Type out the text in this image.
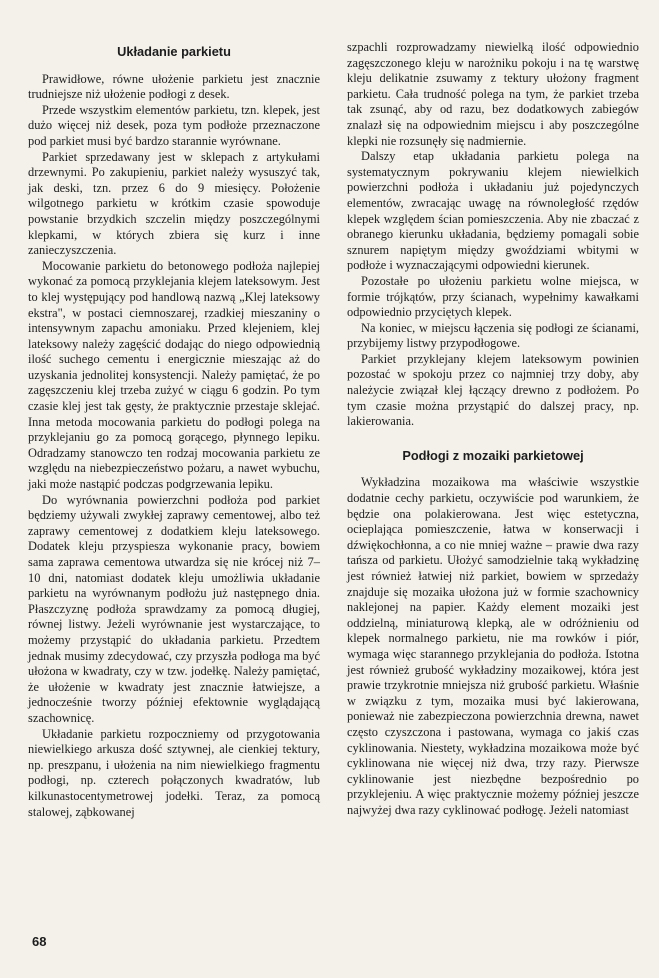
Układanie parkietu

Prawidłowe, równe ułożenie parkietu jest znacznie trudniejsze niż ułożenie podłogi z desek.

Przede wszystkim elementów parkietu, tzn. klepek, jest dużo więcej niż desek, poza tym podłoże przeznaczone pod parkiet musi być bardzo starannie wyrównane.

Parkiet sprzedawany jest w sklepach z artykułami drzewnymi. Po zakupieniu, parkiet należy wysuszyć tak, jak deski, tzn. przez 6 do 9 miesięcy. Położenie wilgotnego parkietu w krótkim czasie spowoduje powstanie brzydkich szczelin między poszczególnymi klepkami, w których zbiera się kurz i inne zanieczyszczenia.

Mocowanie parkietu do betonowego podłoża najlepiej wykonać za pomocą przyklejania klejem lateksowym. Jest to klej występujący pod handlową nazwą „Klej lateksowy ekstra", w postaci ciemnoszarej, rzadkiej mieszaniny o intensywnym zapachu amoniaku. Przed klejeniem, klej lateksowy należy zagęścić dodając do niego odpowiednią ilość suchego cementu i energicznie mieszając aż do uzyskania jednolitej konsystencji. Należy pamiętać, że po zagęszczeniu klej trzeba zużyć w ciągu 6 godzin. Po tym czasie klej jest tak gęsty, że praktycznie przestaje sklejać. Inna metoda mocowania parkietu do podłogi polega na przyklejaniu go za pomocą gorącego, płynnego lepiku. Odradzamy stanowczo ten rodzaj mocowania parkietu ze względu na niebezpieczeństwo pożaru, a nawet wybuchu, jaki może nastąpić podczas podgrzewania lepiku.

Do wyrównania powierzchni podłoża pod parkiet będziemy używali zwykłej zaprawy cementowej, albo też zaprawy cementowej z dodatkiem kleju lateksowego. Dodatek kleju przyspiesza wykonanie pracy, bowiem sama zaprawa cementowa utwardza się nie krócej niż 7–10 dni, natomiast dodatek kleju umożliwia układanie parkietu na wyrównanym podłożu już następnego dnia. Płaszczyznę podłoża sprawdzamy za pomocą długiej, równej listwy. Jeżeli wyrównanie jest wystarczające, to możemy przystąpić do układania parkietu. Przedtem jednak musimy zdecydować, czy przyszła podłoga ma być ułożona w kwadraty, czy w tzw. jodełkę. Należy pamiętać, że ułożenie w kwadraty jest znacznie łatwiejsze, a jednocześnie tworzy później efektownie wyglądającą szachownicę.

Układanie parkietu rozpoczniemy od przygotowania niewielkiego arkusza dość sztywnej, ale cienkiej tektury, np. preszpanu, i ułożenia na nim niewielkiego fragmentu podłogi, np. czterech połączonych kwadratów, lub kilkunastocentymetrowej jodełki. Teraz, za pomocą stalowej, ząbkowanej

szpachli rozprowadzamy niewielką ilość odpowiednio zagęszczonego kleju w narożniku pokoju i na tę warstwę kleju delikatnie zsuwamy z tektury ułożony fragment parkietu. Cała trudność polega na tym, że parkiet trzeba tak zsunąć, aby od razu, bez dodatkowych zabiegów znalazł się na odpowiednim miejscu i aby poszczególne klepki nie rozsunęły się nadmiernie.

Dalszy etap układania parkietu polega na systematycznym pokrywaniu klejem niewielkich powierzchni podłoża i układaniu już pojedynczych elementów, zwracając uwagę na równoległość rzędów klepek względem ścian pomieszczenia. Aby nie zbaczać z obranego kierunku układania, będziemy pomagali sobie sznurem napiętym między gwoździami wbitymi w podłoże i wyznaczającymi odpowiedni kierunek.

Pozostałe po ułożeniu parkietu wolne miejsca, w formie trójkątów, przy ścianach, wypełnimy kawałkami odpowiednio przyciętych klepek.

Na koniec, w miejscu łączenia się podłogi ze ścianami, przybijemy listwy przypodłogowe.

Parkiet przyklejany klejem lateksowym powinien pozostać w spokoju przez co najmniej trzy doby, aby należycie związał klej łączący drewno z podłożem. Po tym czasie można przystąpić do dalszej pracy, np. lakierowania.

Podłogi z mozaiki parkietowej

Wykładzina mozaikowa ma właściwie wszystkie dodatnie cechy parkietu, oczywiście pod warunkiem, że będzie ona polakierowana. Jest więc estetyczna, ocieplająca pomieszczenie, łatwa w konserwacji i dźwiękochłonna, a co nie mniej ważne – prawie dwa razy tańsza od parkietu. Ułożyć samodzielnie taką wykładzinę jest również łatwiej niż parkiet, bowiem w sprzedaży znajduje się mozaika ułożona już w formie szachownicy naklejonej na papier. Każdy element mozaiki jest oddzielną, miniaturową klepką, ale w odróżnieniu od klepek normalnego parkietu, nie ma rowków i piór, wymaga więc starannego przyklejania do podłoża. Istotna jest również grubość wykładziny mozaikowej, która jest prawie trzykrotnie mniejsza niż grubość parkietu. Właśnie w związku z tym, mozaika musi być lakierowana, ponieważ nie zabezpieczona powierzchnia drewna, nawet często czyszczona i pastowana, wymaga co jakiś czas cyklinowania. Niestety, wykładzina mozaikowa może być cyklinowana nie więcej niż dwa, trzy razy. Pierwsze cyklinowanie jest niezbędne bezpośrednio po przyklejeniu. A więc praktycznie możemy później jeszcze najwyżej dwa razy cyklinować podłogę. Jeżeli natomiast

68
